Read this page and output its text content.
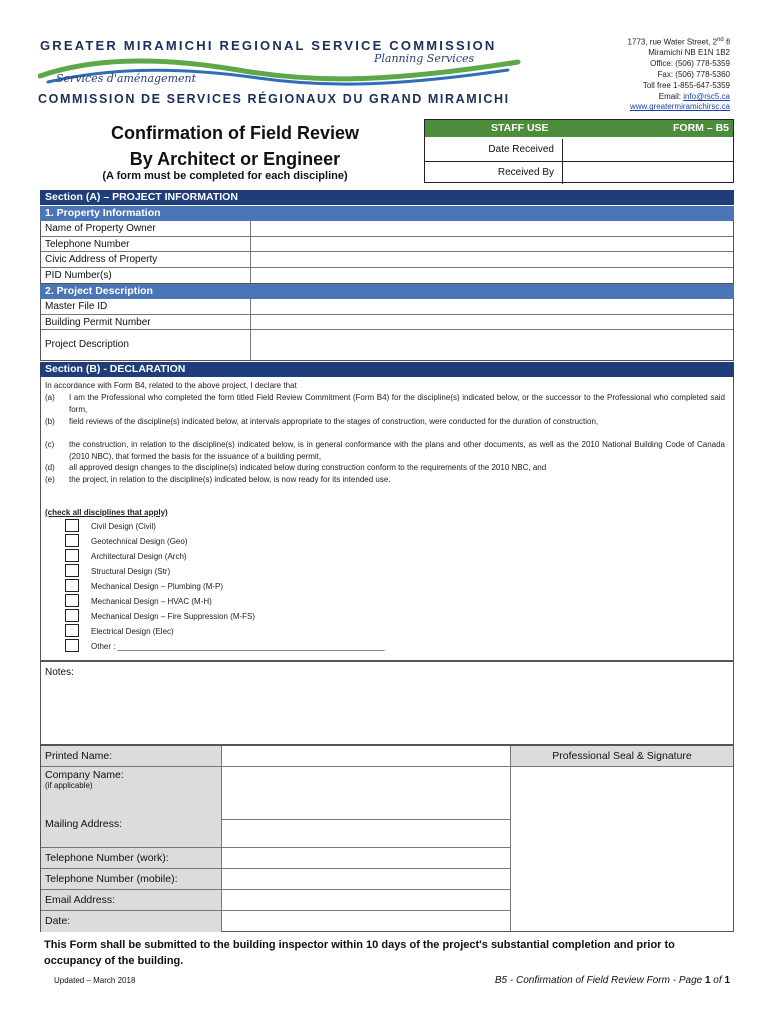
GREATER MIRAMICHI REGIONAL SERVICE COMMISSION
Planning Services
Services d'aménagement
COMMISSION DE SERVICES RÉGIONAUX DU GRAND MIRAMICHI
1773, rue Water Street, 2nd fl
Miramichi NB E1N 1B2
Office: (506) 778-5359
Fax: (506) 778-5360
Toll free 1-855-647-5359
Email: info@rsc5.ca
www.greatermiramichirsc.ca
Confirmation of Field Review
By Architect or Engineer
(A form must be completed for each discipline)
STAFF USE	FORM – B5
Date Received
Received By
Section (A) – PROJECT INFORMATION
1. Property Information
Name of Property Owner
Telephone Number
Civic Address of Property
PID Number(s)
2. Project Description
Master File ID
Building Permit Number
Project Description
Section (B) - DECLARATION
In accordance with Form B4, related to the above project, I declare that
(a)	I am the Professional who completed the form titled Field Review Commitment (Form B4) for the discipline(s) indicated below, or the successor to the Professional who completed said form,
(b)	field reviews of the discipline(s) indicated below, at intervals appropriate to the stages of construction, were conducted for the duration of construction,
(c)	the construction, in relation to the discipline(s) indicated below, is in general conformance with the plans and other documents, as well as the 2010 National Building Code of Canada (2010 NBC), that formed the basis for the issuance of a building permit,
(d)	all approved design changes to the discipline(s) indicated below during construction conform to the requirements of the 2010 NBC, and
(e)	the project, in relation to the discipline(s) indicated below, is now ready for its intended use.
(check all disciplines that apply)
Civil Design (Civil)
Geotechnical Design (Geo)
Architectural Design (Arch)
Structural Design (Str)
Mechanical Design – Plumbing (M-P)
Mechanical Design – HVAC (M-H)
Mechanical Design – Fire Suppression (M-FS)
Electrical Design (Elec)
Other : ____________________________________________________________
Notes:
Printed Name:
Company Name:
(if applicable)
Mailing Address:
Telephone Number (work):
Telephone Number (mobile):
Email Address:
Date:
Professional Seal & Signature
This Form shall be submitted to the building inspector within 10 days of the project's substantial completion and prior to occupancy of the building.
Updated – March 2018	B5 - Confirmation of Field Review Form - Page 1 of 1
